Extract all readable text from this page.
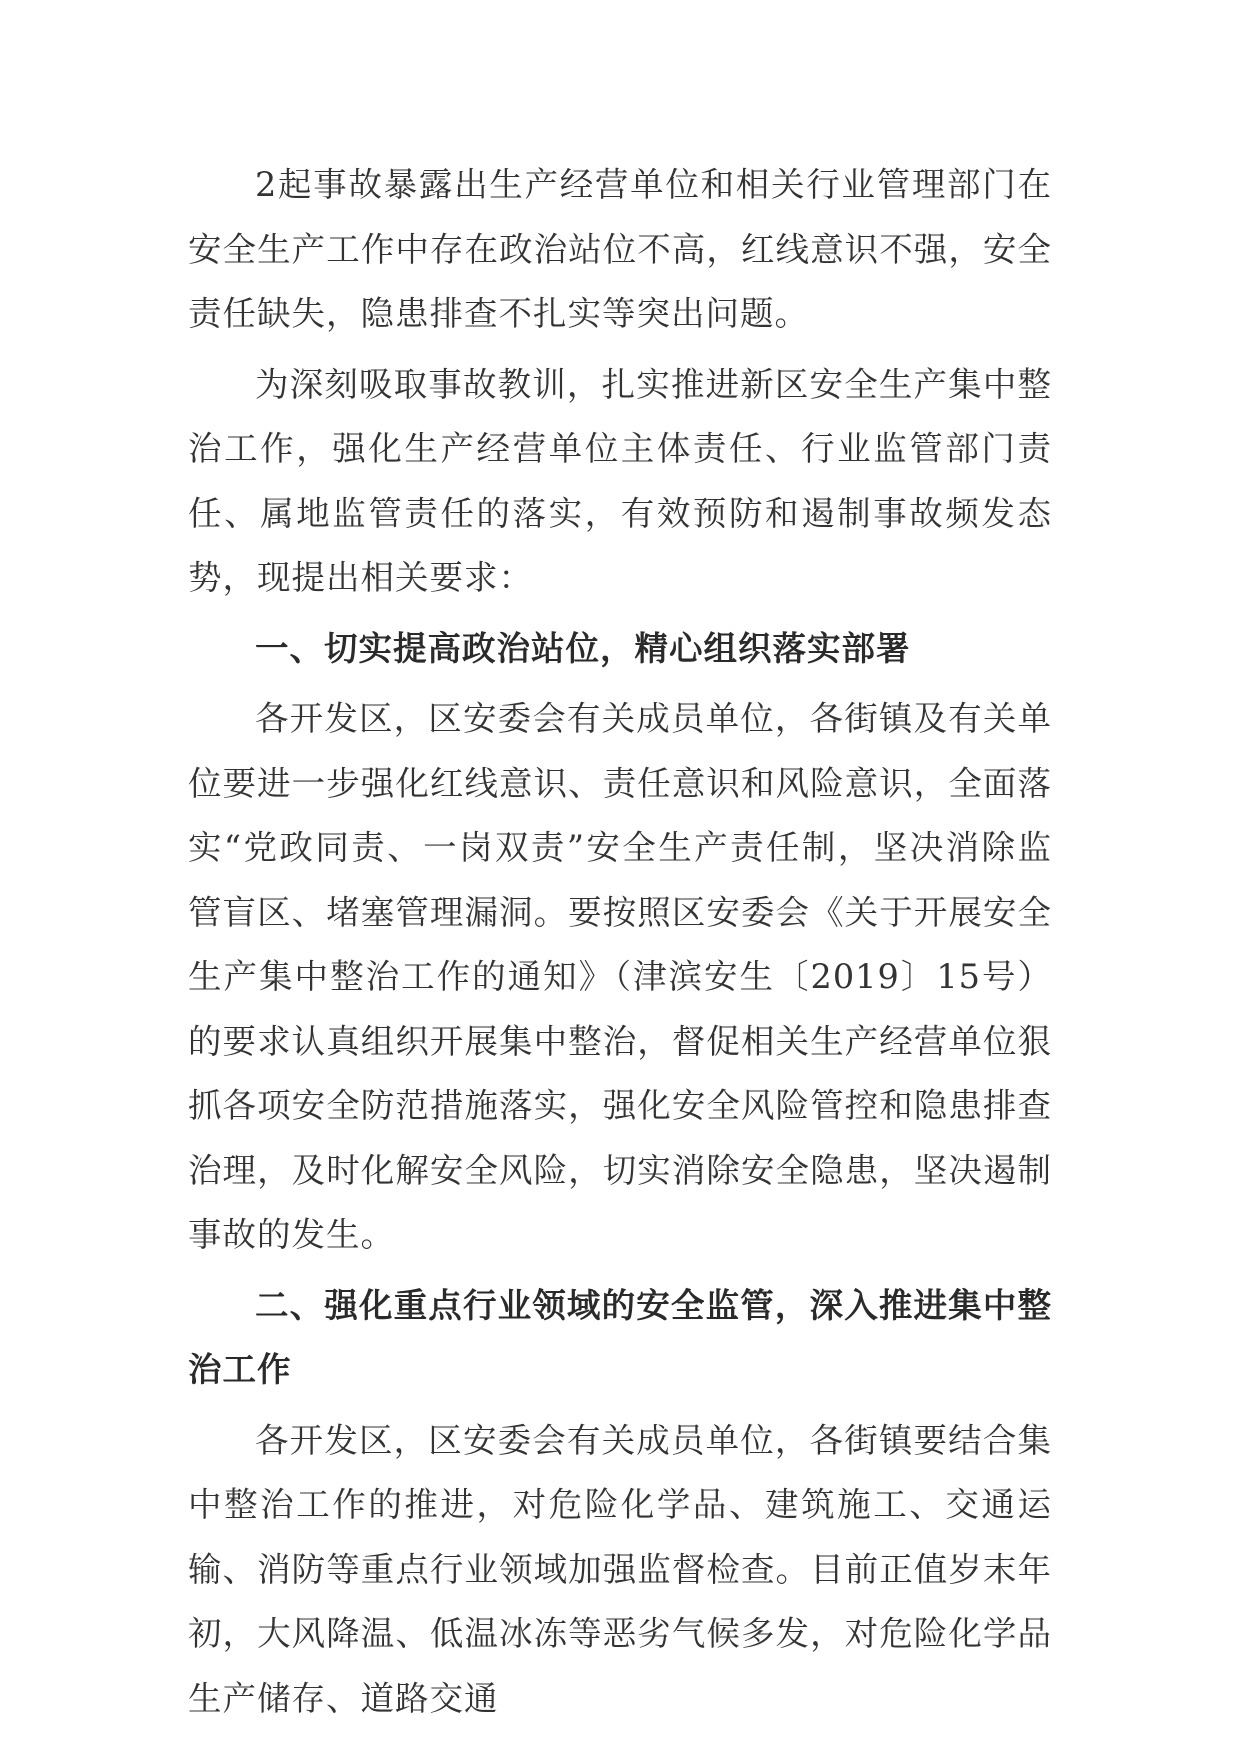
2起事故暴露出生产经营单位和相关行业管理部门在安全生产工作中存在政治站位不高，红线意识不强，安全责任缺失，隐患排查不扎实等突出问题。

为深刻吸取事故教训，扎实推进新区安全生产集中整治工作，强化生产经营单位主体责任、行业监管部门责任、属地监管责任的落实，有效预防和遏制事故频发态势，现提出相关要求：

一、切实提高政治站位，精心组织落实部署

各开发区，区安委会有关成员单位，各街镇及有关单位要进一步强化红线意识、责任意识和风险意识，全面落实“党政同责、一岗双责”安全生产责任制，坚决消除监管盲区、堵塞管理漏洞。要按照区安委会《关于开展安全生产集中整治工作的通知》（津滨安生〔2019〕15号）的要求认真组织开展集中整治，督促相关生产经营单位狠抓各项安全防范措施落实，强化安全风险管控和隐患排查治理，及时化解安全风险，切实消除安全隐患，坚决遏制事故的发生。

二、强化重点行业领域的安全监管，深入推进集中整治工作

各开发区，区安委会有关成员单位，各街镇要结合集中整治工作的推进，对危险化学品、建筑施工、交通运输、消防等重点行业领域加强监督检查。目前正值岁末年初，大风降温、低温冰冻等恶劣气候多发，对危险化学品生产储存、道路交通
